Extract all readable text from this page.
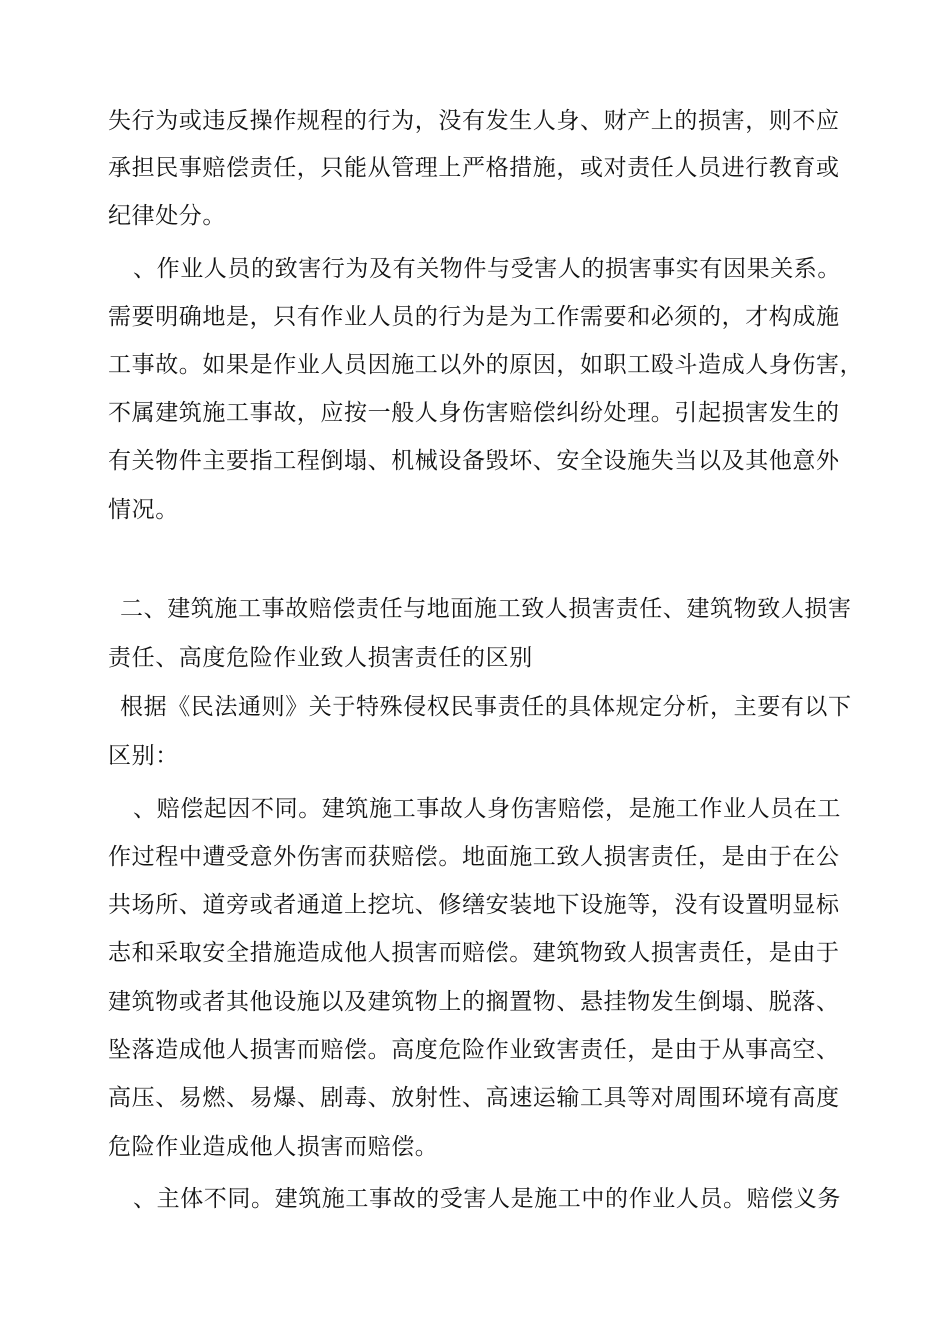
失行为或违反操作规程的行为，没有发生人身、财产上的损害，则不应
承担民事赔偿责任，只能从管理上严格措施，或对责任人员进行教育或
纪律处分。
、作业人员的致害行为及有关物件与受害人的损害事实有因果关系。
需要明确地是，只有作业人员的行为是为工作需要和必须的，才构成施
工事故。如果是作业人员因施工以外的原因，如职工殴斗造成人身伤害，
不属建筑施工事故，应按一般人身伤害赔偿纠纷处理。引起损害发生的
有关物件主要指工程倒塌、机械设备毁坏、安全设施失当以及其他意外
情况。
二、建筑施工事故赔偿责任与地面施工致人损害责任、建筑物致人损害
责任、高度危险作业致人损害责任的区别
根据《民法通则》关于特殊侵权民事责任的具体规定分析，主要有以下
区别：
、赔偿起因不同。建筑施工事故人身伤害赔偿，是施工作业人员在工
作过程中遭受意外伤害而获赔偿。地面施工致人损害责任，是由于在公
共场所、道旁或者通道上挖坑、修缮安装地下设施等，没有设置明显标
志和采取安全措施造成他人损害而赔偿。建筑物致人损害责任，是由于
建筑物或者其他设施以及建筑物上的搁置物、悬挂物发生倒塌、脱落、
坠落造成他人损害而赔偿。高度危险作业致害责任，是由于从事高空、
高压、易燃、易爆、剧毒、放射性、高速运输工具等对周围环境有高度
危险作业造成他人损害而赔偿。
、主体不同。建筑施工事故的受害人是施工中的作业人员。赔偿义务
